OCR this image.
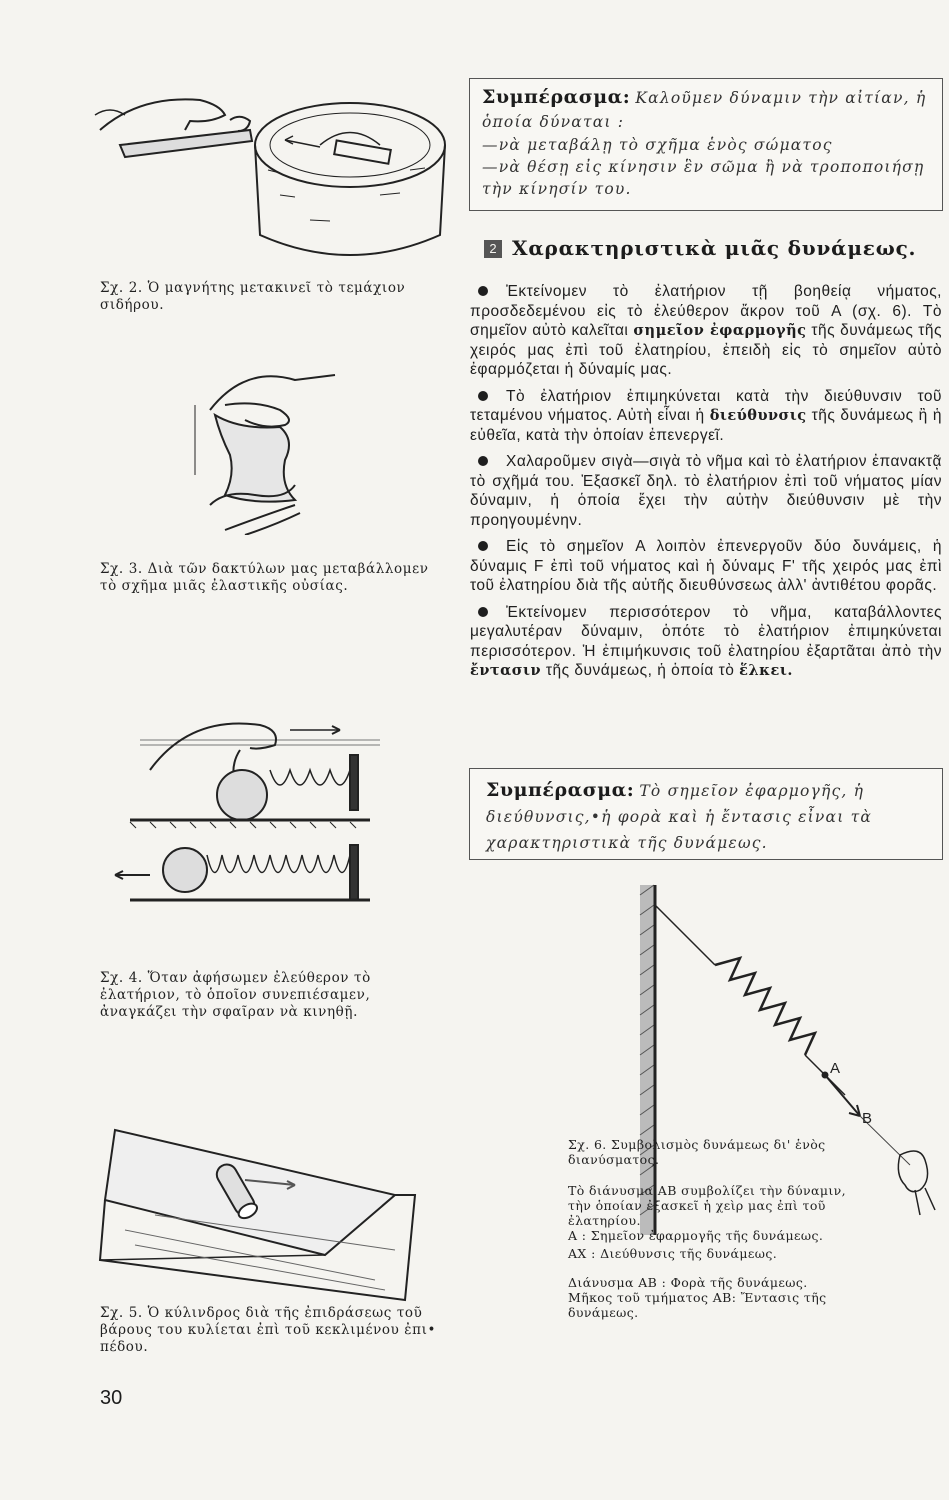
Σχ. 2. Ὁ μαγνήτης μετακινεῖ τὸ τεμάχιον σιδήρου.
Σχ. 3. Διὰ τῶν δακτύλων μας μεταβάλλομεν τὸ σχῆμα μιᾶς ἐλαστικῆς οὐσίας.
Σχ. 4. Ὅταν ἀφήσωμεν ἐλεύθερον τὸ ἐλατήριον, τὸ ὁποῖον συνεπιέσαμεν, ἀναγκάζει τὴν σφαῖραν νὰ κινηθῇ.
Σχ. 5. Ὁ κύλινδρος διὰ τῆς ἐπιδράσεως τοῦ βάρους του κυλίεται ἐπὶ τοῦ κεκλιμένου ἐπι• πέδου.
30
Συμπέρασμα: Καλοῦμεν δύναμιν τὴν αἰτίαν, ἡ ὁποία δύναται :
—νὰ μεταβάλῃ τὸ σχῆμα ἑνὸς σώματος
—νὰ θέσῃ εἰς κίνησιν ἓν σῶμα ἢ νὰ τροποποιήσῃ τὴν κίνησίν του.
2 Χαρακτηριστικὰ μιᾶς δυνάμεως.

Ἐκτείνομεν τὸ ἐλατήριον τῇ βοηθείᾳ νήματος, προσδεδεμένου εἰς τὸ ἐλεύθερον ἄκρον τοῦ A (σχ. 6). Τὸ σημεῖον αὐτὸ καλεῖται σημεῖον ἐφαρμογῆς τῆς δυνάμεως τῆς χειρός μας ἐπὶ τοῦ ἐλατηρίου, ἐπειδὴ εἰς τὸ σημεῖον αὐτὸ ἐφαρμόζεται ἡ δύναμίς μας.

Τὸ ἐλατήριον ἐπιμηκύνεται κατὰ τὴν διεύθυνσιν τοῦ τεταμένου νήματος. Αὐτὴ εἶναι ἡ διεύθυνσις τῆς δυνάμεως ἢ ἡ εὐθεῖα, κατὰ τὴν ὁποίαν ἐπενεργεῖ.

Χαλαροῦμεν σιγὰ—σιγὰ τὸ νῆμα καὶ τὸ ἐλατήριον ἐπανακτᾷ τὸ σχῆμά του. Ἐξασκεῖ δηλ. τὸ ἐλατήριον ἐπὶ τοῦ νήματος μίαν δύναμιν, ἡ ὁποία ἔχει τὴν αὐτὴν διεύθυνσιν μὲ τὴν προηγουμένην.

Εἰς τὸ σημεῖον A λοιπὸν ἐπενεργοῦν δύο δυνάμεις, ἡ δύναμις F ἐπὶ τοῦ νήματος καὶ ἡ δύναμς F' τῆς χειρός μας ἐπὶ τοῦ ἐλατηρίου διὰ τῆς αὐτῆς διευθύνσεως ἀλλ' ἀντιθέτου φορᾶς.

Ἐκτείνομεν περισσότερον τὸ νῆμα, καταβάλλοντες μεγαλυτέραν δύναμιν, ὁπότε τὸ ἐλατήριον ἐπιμηκύνεται περισσότερον. Ἡ ἐπιμήκυνσις τοῦ ἐλατηρίου ἐξαρτᾶται ἀπὸ τὴν ἔντασιν τῆς δυνάμεως, ἡ ὁποία τὸ ἕλκει.

Συμπέρασμα: Τὸ σημεῖον ἐφαρμογῆς, ἡ διεύθυνσις,•ἡ φορὰ καὶ ἡ ἔντασις εἶναι τὰ χαρακτηριστικὰ τῆς δυνάμεως.
A
B

Σχ. 6. Συμβολισμὸς δυνάμεως δι' ἑνὸς διανύσματος.

Τὸ διάνυσμα AB συμβολίζει τὴν δύναμιν, τὴν ὁποίαν ἐξασκεῖ ἡ χεὶρ μας ἐπὶ τοῦ ἐλατηρίου.

A : Σημεῖον ἐφαρμογῆς τῆς δυνάμεως.

AX : Διεύθυνσις τῆς δυνάμεως.

Διάνυσμα AB : Φορὰ τῆς δυνάμεως.

Μῆκος τοῦ τμήματος AB: Ἔντασις τῆς δυνάμεως.
